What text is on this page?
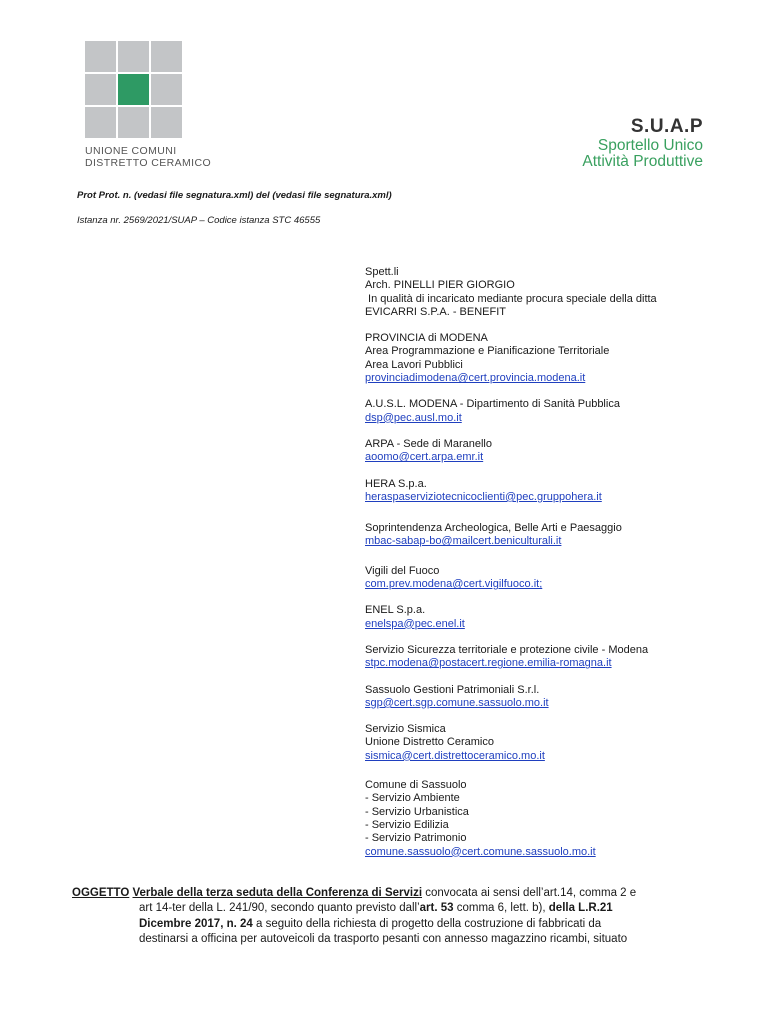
UNIONE COMUNI
DISTRETTO CERAMICO
S.U.A.P
Sportello Unico
Attività Produttive
Prot Prot. n. (vedasi file segnatura.xml) del (vedasi file segnatura.xml)
Istanza nr. 2569/2021/SUAP – Codice istanza STC 46555
Spett.li
Arch. PINELLI PIER GIORGIO
In qualità di incaricato mediante procura speciale della ditta
EVICARRI S.P.A. - BENEFIT
PROVINCIA di MODENA
Area Programmazione e Pianificazione Territoriale
Area Lavori Pubblici
provinciadimodena@cert.provincia.modena.it
A.U.S.L. MODENA - Dipartimento di Sanità Pubblica
dsp@pec.ausl.mo.it
ARPA - Sede di Maranello
aoomo@cert.arpa.emr.it
HERA S.p.a.
heraspaserviziotecnicoclienti@pec.gruppohera.it
Soprintendenza Archeologica, Belle Arti e Paesaggio
mbac-sabap-bo@mailcert.beniculturali.it
Vigili del Fuoco
com.prev.modena@cert.vigilfuoco.it;
ENEL S.p.a.
enelspa@pec.enel.it
Servizio Sicurezza territoriale e protezione civile - Modena
stpc.modena@postacert.regione.emilia-romagna.it
Sassuolo Gestioni Patrimoniali S.r.l.
sgp@cert.sgp.comune.sassuolo.mo.it
Servizio Sismica
Unione Distretto Ceramico
sismica@cert.distrettoceramico.mo.it
Comune di Sassuolo
- Servizio Ambiente
- Servizio Urbanistica
- Servizio Edilizia
- Servizio Patrimonio
comune.sassuolo@cert.comune.sassuolo.mo.it
OGGETTO Verbale della terza seduta della Conferenza di Servizi convocata ai sensi dell’art.14, comma 2 e
art 14-ter della L. 241/90, secondo quanto previsto dall’art. 53 comma 6, lett. b), della L.R.21
Dicembre 2017, n. 24 a seguito della richiesta di progetto della costruzione di fabbricati da
destinarsi a officina per autoveicoli da trasporto pesanti con annesso magazzino ricambi, situato
